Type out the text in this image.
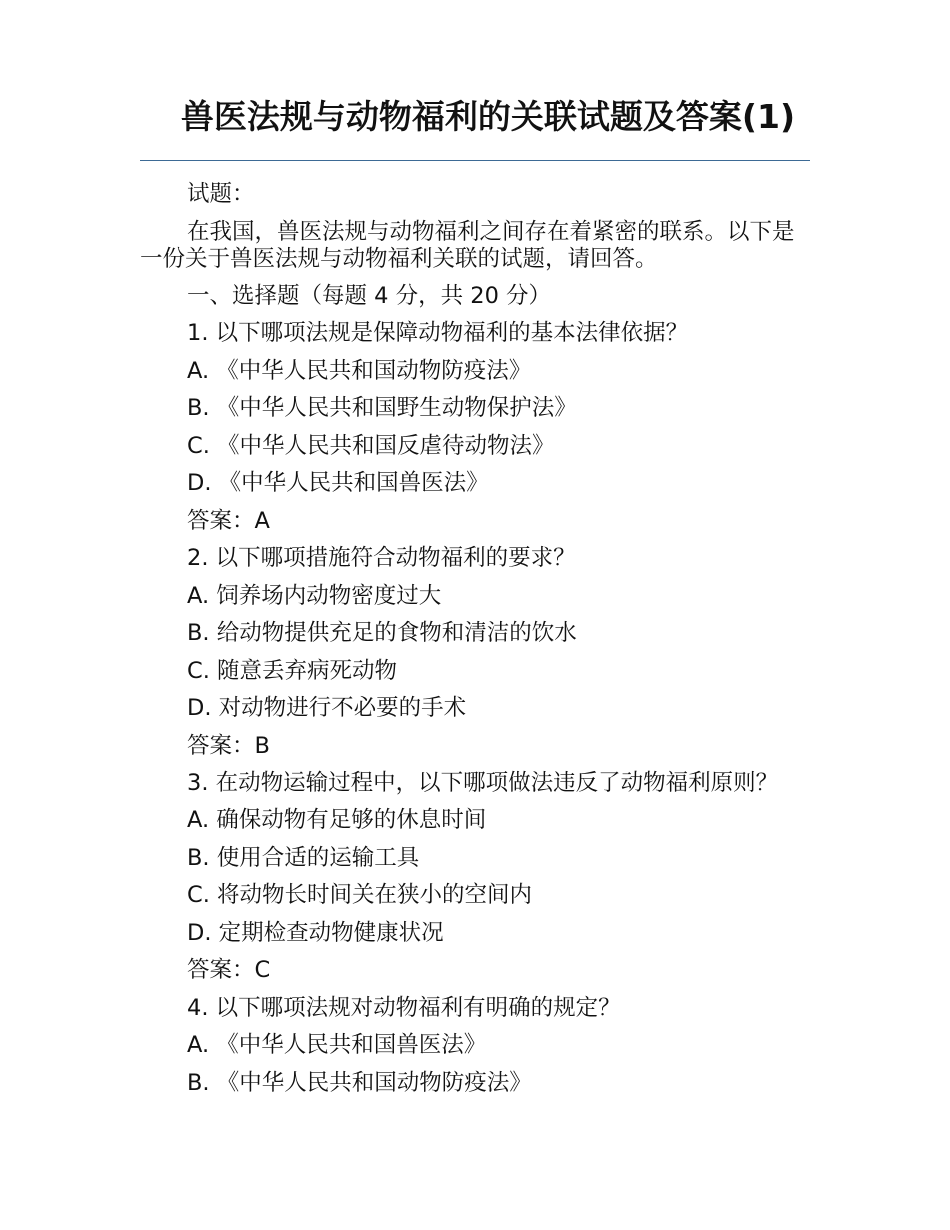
兽医法规与动物福利的关联试题及答案(1)

试题：

在我国，兽医法规与动物福利之间存在着紧密的联系。以下是一份关于兽医法规与动物福利关联的试题，请回答。

一、选择题（每题 4 分，共 20 分）

1. 以下哪项法规是保障动物福利的基本法律依据？

A. 《中华人民共和国动物防疫法》

B. 《中华人民共和国野生动物保护法》

C. 《中华人民共和国反虐待动物法》

D. 《中华人民共和国兽医法》

答案：A

2. 以下哪项措施符合动物福利的要求？

A. 饲养场内动物密度过大

B. 给动物提供充足的食物和清洁的饮水

C. 随意丢弃病死动物

D. 对动物进行不必要的手术

答案：B

3. 在动物运输过程中，以下哪项做法违反了动物福利原则？

A. 确保动物有足够的休息时间

B. 使用合适的运输工具

C. 将动物长时间关在狭小的空间内

D. 定期检查动物健康状况

答案：C

4. 以下哪项法规对动物福利有明确的规定？

A. 《中华人民共和国兽医法》

B. 《中华人民共和国动物防疫法》
